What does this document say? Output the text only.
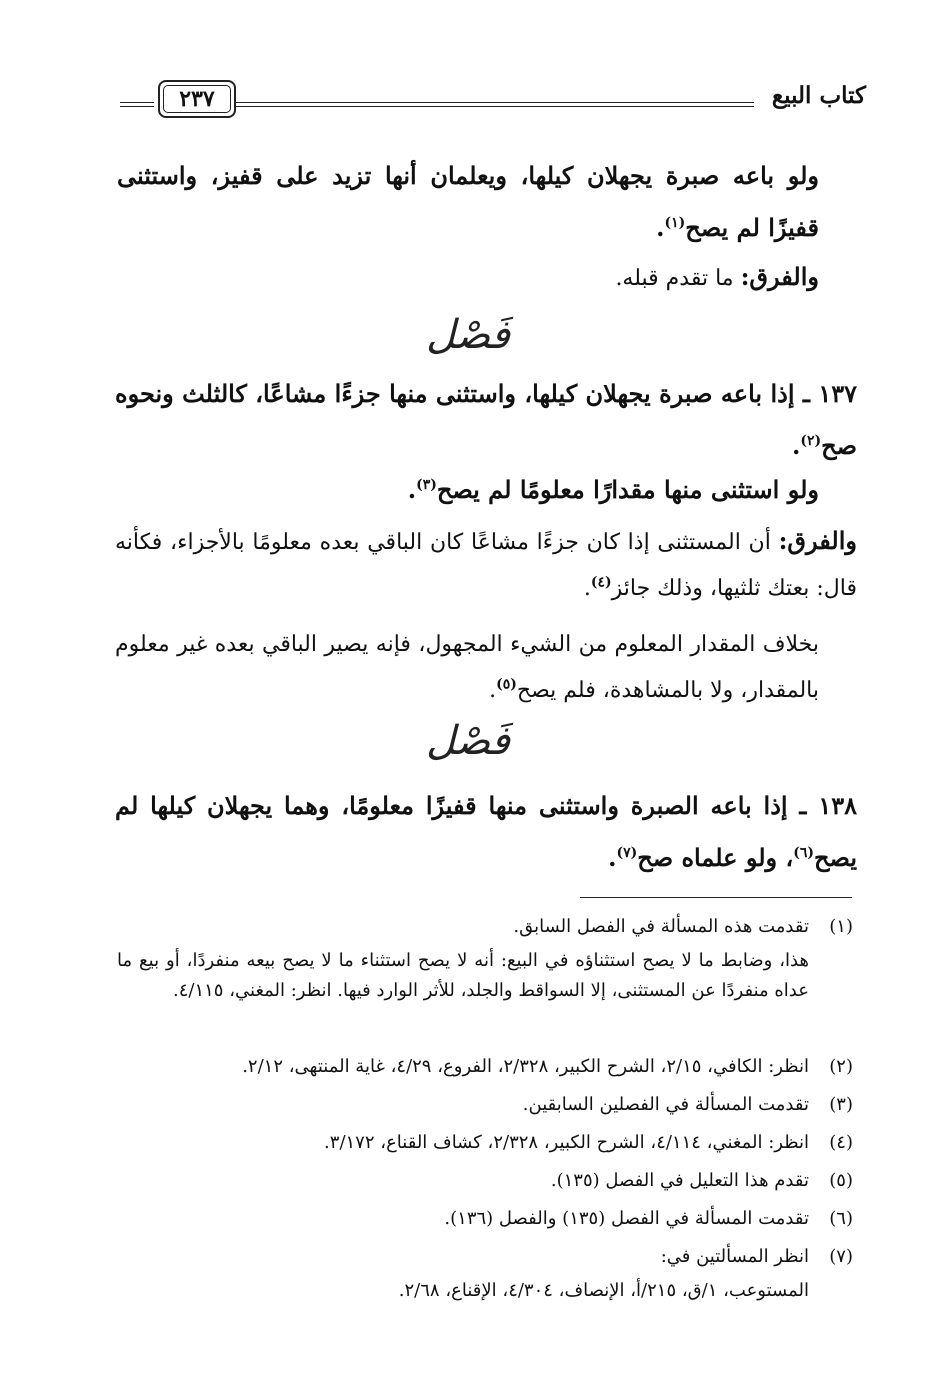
كتاب البيع
٢٣٧
ولو باعه صبرة يجهلان كيلها، ويعلمان أنها تزيد على قفيز، واستثنى قفيزًا لم يصح$^{(١)}$.
والفرق: ما تقدم قبله.
فَصْل
١٣٧ ـ إذا باعه صبرة يجهلان كيلها، واستثنى منها جزءًا مشاعًا، كالثلث ونحوه صح$^{(٢)}$.
ولو استثنى منها مقدارًا معلومًا لم يصح$^{(٣)}$.
والفرق: أن المستثنى إذا كان جزءًا مشاعًا كان الباقي بعده معلومًا بالأجزاء، فكأنه قال: بعتك ثلثيها، وذلك جائز$^{(٤)}$.
بخلاف المقدار المعلوم من الشيء المجهول، فإنه يصير الباقي بعده غير معلوم بالمقدار، ولا بالمشاهدة، فلم يصح$^{(٥)}$.
فَصْل
١٣٨ ـ إذا باعه الصبرة واستثنى منها قفيزًا معلومًا، وهما يجهلان كيلها لم يصح$^{(٦)}$، ولو علماه صح$^{(٧)}$.
(١)تقدمت هذه المسألة في الفصل السابق.
هذا، وضابط ما لا يصح استثناؤه في البيع: أنه لا يصح استثناء ما لا يصح بيعه منفردًا، أو بيع ما عداه منفردًا عن المستثنى، إلا السواقط والجلد، للأثر الوارد فيها. انظر: المغني، ٤/١١٥.
(٢)انظر: الكافي، ٢/١٥، الشرح الكبير، ٢/٣٢٨، الفروع، ٤/٢٩، غاية المنتهى، ٢/١٢.
(٣)تقدمت المسألة في الفصلين السابقين.
(٤)انظر: المغني، ٤/١١٤، الشرح الكبير، ٢/٣٢٨، كشاف القناع، ٣/١٧٢.
(٥)تقدم هذا التعليل في الفصل (١٣٥).
(٦)تقدمت المسألة في الفصل (١٣٥) والفصل (١٣٦).
(٧)انظر المسألتين في:
المستوعب، ١/ق، ٢١٥/أ، الإنصاف، ٤/٣٠٤، الإقناع، ٢/٦٨.
